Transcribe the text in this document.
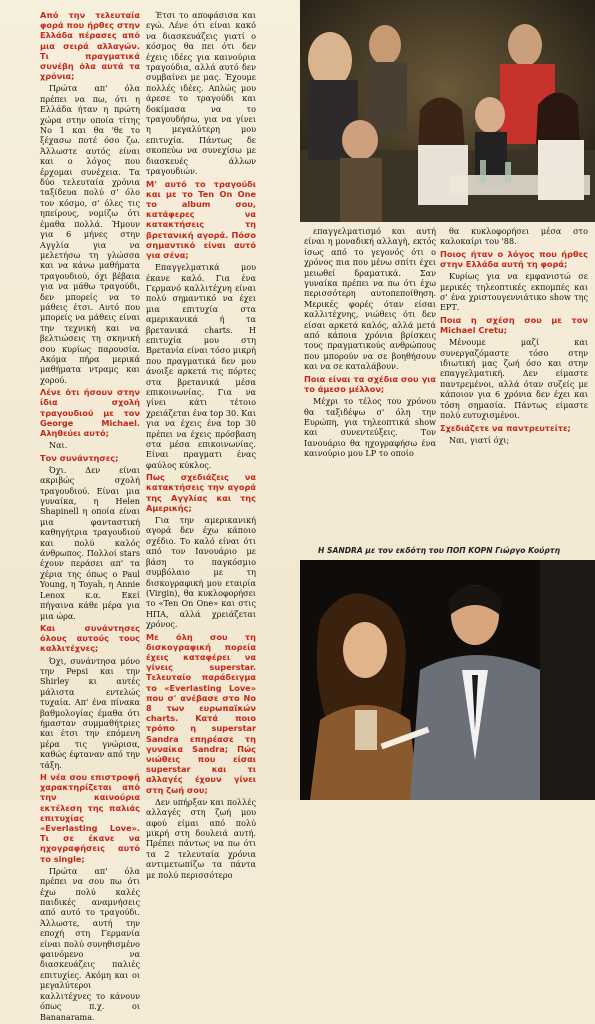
Η SANDRA με τον εκδότη του ΠΟΠ ΚΟΡΝ Γιώργο Κούρτη

Από την τελευταία φορά που ήρθες στην Ελλάδα πέρασες από μια σειρά αλλαγών. Τι πραγματικά συνέβη όλα αυτά τα χρόνια;

Πρώτα απ' όλα πρέπει να πω, ότι η Ελλάδα ήταν η πρώτη χώρα στην οποία τίτης Νο 1 και θα 'θε το ξέχασω ποτέ όσο ζω. Άλλωστε αυτός είναι και ο λόγος που έρχομαι συνέχεια. Τα δύο τελευταία χρόνια ταξίδευα πολύ σ' όλο τον κόσμο, σ' όλες τις ηπείρους, νομίζω ότι έμαθα πολλά. Ήμουν για 6 μήνες στην Αγγλία για να μελετήσω τη γλώσσα και να κάνω μαθήματα τραγουδιού, όχι βέβαια για να μάθω τραγούδι, δεν μπορείς να το μάθεις έτσι. Αυτό που μπορείς να μάθεις είναι την τεχνική και να βελτιώσεις τη σκηνική σου κυρίως παρουσία. Ακόμα πήρα μερικά μαθήματα ντραμς και χορού.

Λένε ότι ήσουν στην ίδια σχολή τραγουδιού με τον George Michael. Αληθεύει αυτό;

Ναι.

Τον συνάντησες;

Όχι. Δεν είναι ακριβώς σχολή τραγουδιού. Είναι μια γυναίκα, η Helen Shapinell η οποία είναι μια φανταστική καθηγήτρια τραγουδιού και πολύ καλός άνθρωπος. Πολλοί stars έχουν περάσει απ' τα χέρια της όπως ο Paul Young, η Toyah, η Annie Lenox κ.α. Εκεί πήγαινα κάθε μέρα για μια ώρα.

Και συνάντησες όλους αυτούς τους καλλιτέχνες;

Όχι, συνάντησα μόνο την Pepsi και την Shirley κι αυτές μάλιστα εντελώς τυχαία. Απ' ένα πίνακα βαθμολογίας έμαθα ότι ήμασταν συμμαθήτριες και έτσι την επόμενη μέρα τις γνώρισα, καθώς έφταναν από την τάξη.

Η νέα σου επιστροφή χαρακτηρίζεται από την καινούρια εκτέλεση της παλιάς επιτυχίας «Everlasting Love». Τι σε έκανε να ηχογραφήσεις αυτό το single;

Πρώτα απ' όλα πρέπει να σου πω ότι έχω πολύ καλές παιδικές αναμνήσεις από αυτό το τραγούδι. Άλλωστε, αυτή την εποχή στη Γερμανία είναι πολύ συνηθισμένο φαινόμενο να διασκευάζεις παλιές επιτυχίες. Ακόμη και οι μεγαλύτεροι καλλιτέχνες το κάνουν όπως π.χ. οι Bananarama.

Έτσι το αποφάσισα και εγώ. Λένε ότι είναι κακό να διασκευάζεις γιατί ο κόσμος θα πει ότι δεν έχεις ιδέες για καινούρια τραγούδια, αλλά αυτό δεν συμβαίνει με μας. Έχουμε πολλές ιδέες. Απλώς μου άρεσε το τραγούδι και δοκίμασα να το τραγουδήσω, για να γίνει η μεγαλύτερη μου επιτυχία. Πάντως δε σκοπεύω να συνεχίσω με διασκευές άλλων τραγουδιών.

Μ' αυτό το τραγούδι και με το Ten On One το album σου, κατάφερες να κατακτήσεις τη βρετανική αγορά. Πόσο σημαντικό είναι αυτό για σένα;

Επαγγελματικά μου έκανε καλό. Για ένα Γερμανό καλλιτέχνη είναι πολύ σημαντικό να έχει μια επιτυχία στα αμερικανικά ή τα βρετανικά charts. Η επιτυχία μου στη Βρετανία είναι τόσο μικρή που πραγματικά δεν μου άνοιξε αρκετά τις πόρτες στα βρετανικά μέσα επικοινωνίας. Για να γίνει κάτι τέτοιο χρειάζεται ένα top 30. Και για να έχεις ένα top 30 πρέπει να έχεις πρόσβαση στα μέσα επικοινωνίας. Είναι πραγματι ένας φαύλος κύκλος.

Πως σχεδιάζεις να κατακτήσεις την αγορά της Αγγλίας και της Αμερικής;

Για την αμερικανική αγορά δεν έχω κάποιο σχέδιο. Το καλό είναι ότι από τον Ιανουάριο με βάση το παγκόσμιο συμβόλαιο με τη δισκογραφική μου εταιρία (Virgin), θα κυκλοφορήσει το «Ten On One» και στις ΗΠΑ, αλλά χρειάζεται χρόνος.

Με όλη σου τη δισκογραφική πορεία έχεις καταφέρει να γίνεις superstar. Τελευταίο παράδειγμα το «Everlasting Love» που σ' ανέβασε στο Νο 8 των ευρωπαϊκών charts. Κατά ποιο τρόπο η superstar Sandra επηρέασε τη γυναίκα Sandra; Πώς νιώθεις που είσαι superstar και τι αλλαγές έχουν γίνει στη ζωή σου;

Δεν υπήρξαν και πολλές αλλαγές στη ζωή μου αφού είμαι από πολύ μικρή στη δουλειά αυτή. Πρέπει πάντως να πω ότι τα 2 τελευταία χρόνια αντιμετωπίζω τα πάντα με πολύ περισσότερο

επαγγελματισμό και αυτή είναι η μοναδική αλλαγή, εκτός ίσως από το γεγονός ότι ο χρόνος πια που μένω σπίτι έχει μειωθεί δραματικά. Σαν γυναίκα πρέπει να πω ότι έχω περισσότερη αυτοπεποίθηση. Μερικές φορές όταν είσαι καλλιτέχνης, νιώθεις ότι δεν είσαι αρκετά καλός, αλλά μετά από κάποια χρόνια βρίσκεις τους πραγματικούς ανθρώπους που μπορούν να σε βοηθήσουν και να σε καταλάβουν.

Ποια είναι τα σχέδια σου για το άμεσο μέλλον;

Μέχρι το τέλος του χρόνου θα ταξιδέψω σ' όλη την Ευρώπη, για τηλεοπτικά show και συνεντεύξεις. Τον Ιανουάριο θα ηχογραφήσω ένα καινούριο μου LP το οποίο

θα κυκλοφορήσει μέσα στο καλοκαίρι του '88.

Ποιος ήταν ο λόγος που ήρθες στην Ελλάδα αυτή τη φορά;

Κυρίως για να εμφανιστώ σε μερικές τηλεοπτικές εκπομπές και σ' ένα χριστουγεννιάτικο show της ΕΡΤ.

Ποια η σχέση σου με τον Michael Cretu;

Μένουμε μαζί και συνεργαζόμαστε τόσο στην ιδιωτική μας ζωή όσο και στην επαγγελματική. Δεν είμαστε παντρεμένοι, αλλά όταν συζείς με κάποιον για 6 χρόνια δεν έχει και τόση σημασία. Πάντως είμαστε πολύ ευτυχισμένοι.

Σχεδιάζετε να παντρευτείτε;

Ναι, γιατί όχι;
